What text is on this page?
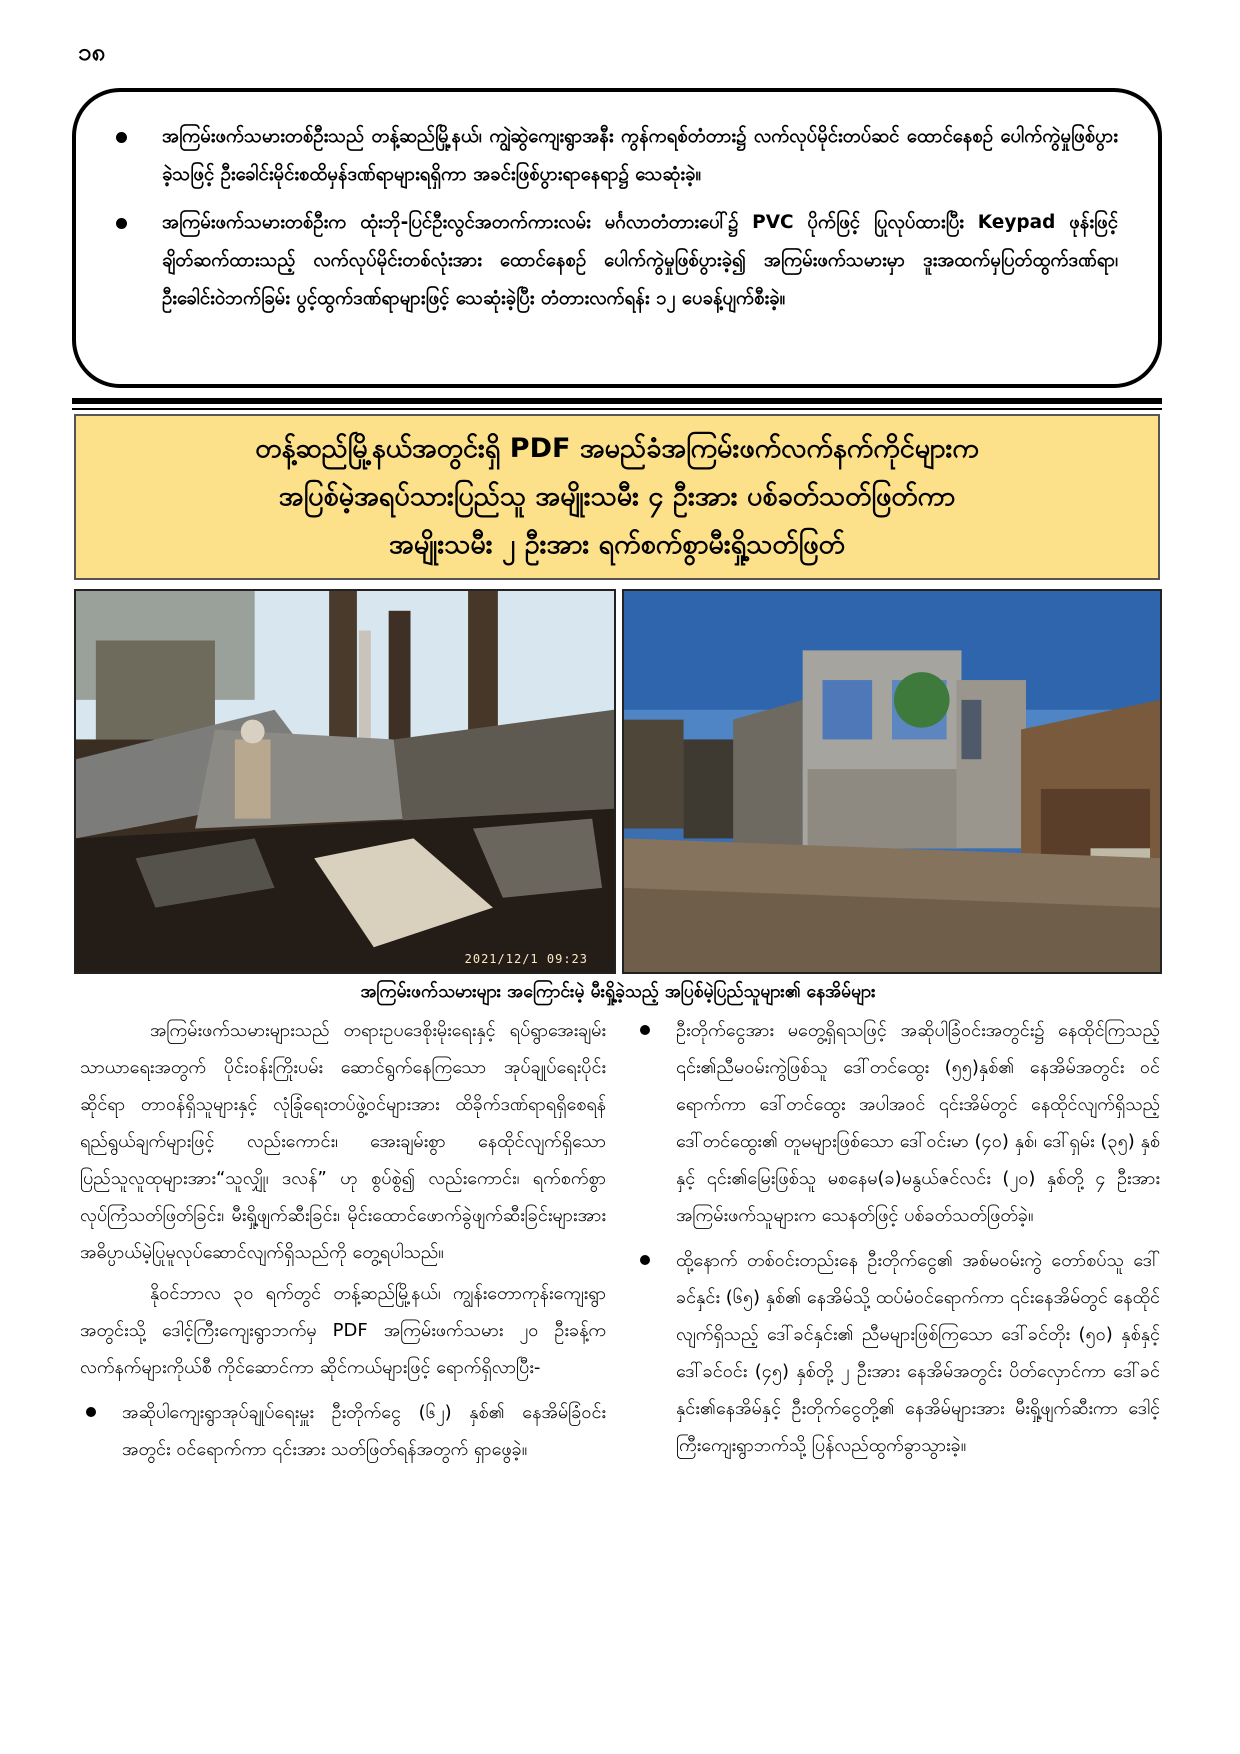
၁၈
အကြမ်းဖက်သမားတစ်ဦးသည် တန့်ဆည်မြို့နယ်၊ ကျွဲဆွဲကျေးရွာအနီး ကွန်ကရစ်တံတား၌ လက်လုပ်မိုင်းတပ်ဆင် ထောင်နေစဉ် ပေါက်ကွဲမှုဖြစ်ပွားခဲ့သဖြင့် ဦးခေါင်းမိုင်းစထိမှန်ဒဏ်ရာများရရှိကာ အခင်းဖြစ်ပွားရာနေရာ၌ သေဆုံးခဲ့။
အကြမ်းဖက်သမားတစ်ဦးက ထုံးဘို-ပြင်ဦးလွင်အတက်ကားလမ်း မင်္ဂလာတံတားပေါ်၌ PVC ပိုက်ဖြင့် ပြုလုပ်ထားပြီး Keypad ဖုန်းဖြင့် ချိတ်ဆက်ထားသည့် လက်လုပ်မိုင်းတစ်လုံးအား ထောင်နေစဉ် ပေါက်ကွဲမှုဖြစ်ပွားခဲ့၍ အကြမ်းဖက်သမားမှာ ဒူးအထက်မှပြတ်ထွက်ဒဏ်ရာ၊ ဦးခေါင်းဝဲဘက်ခြမ်း ပွင့်ထွက်ဒဏ်ရာများဖြင့် သေဆုံးခဲ့ပြီး တံတားလက်ရန်း ၁၂ ပေခန့်ပျက်စီးခဲ့။
တန့်ဆည်မြို့နယ်အတွင်းရှိ PDF အမည်ခံအကြမ်းဖက်လက်နက်ကိုင်များက
အပြစ်မဲ့အရပ်သားပြည်သူ အမျိုးသမီး ၄ ဦးအား ပစ်ခတ်သတ်ဖြတ်ကာ
အမျိုးသမီး ၂ ဦးအား ရက်စက်စွာမီးရှို့သတ်ဖြတ်
2021/12/1 09:23
အကြမ်းဖက်သမားများ အကြောင်းမဲ့ မီးရှို့ခဲ့သည့် အပြစ်မဲ့ပြည်သူများ၏ နေအိမ်များ

အကြမ်းဖက်သမားများသည် တရားဥပဒေစိုးမိုးရေးနှင့် ရပ်ရွာအေးချမ်းသာယာရေးအတွက် ပိုင်းဝန်းကြိုးပမ်း ဆောင်ရွက်နေကြသော အုပ်ချုပ်ရေးပိုင်းဆိုင်ရာ တာဝန်ရှိသူများနှင့် လုံခြုံရေးတပ်ဖွဲ့ဝင်များအား ထိခိုက်ဒဏ်ရာရရှိစေရန် ရည်ရွယ်ချက်များဖြင့် လည်းကောင်း၊ အေးချမ်းစွာ နေထိုင်လျက်ရှိသော ပြည်သူလူထုများအား“သူလျှို၊ ဒလန်” ဟု စွပ်စွဲ၍ လည်းကောင်း၊ ရက်စက်စွာလုပ်ကြံသတ်ဖြတ်ခြင်း၊ မီးရှို့ဖျက်ဆီးခြင်း၊ မိုင်းထောင်ဖောက်ခွဲဖျက်ဆီးခြင်းများအား အဓိပ္ပာယ်မဲ့ပြုမူလုပ်ဆောင်လျက်ရှိသည်ကို တွေ့ရပါသည်။

နိုဝင်ဘာလ ၃၀ ရက်တွင် တန့်ဆည်မြို့နယ်၊ ကျွန်းတောကုန်းကျေးရွာအတွင်းသို့ ဒေါင့်ကြီးကျေးရွာဘက်မှ PDF အကြမ်းဖက်သမား ၂၀ ဦးခန့်က လက်နက်များကိုယ်စီ ကိုင်ဆောင်ကာ ဆိုင်ကယ်များဖြင့် ရောက်ရှိလာပြီး-

အဆိုပါကျေးရွာအုပ်ချုပ်ရေးမှူး ဦးတိုက်ငွေ (၆၂) နှစ်၏ နေအိမ်ခြံဝင်းအတွင်း ဝင်ရောက်ကာ ၎င်းအား သတ်ဖြတ်ရန်အတွက် ရှာဖွေခဲ့။
ဦးတိုက်ငွေအား မတွေ့ရှိရသဖြင့် အဆိုပါခြံဝင်းအတွင်း၌ နေထိုင်ကြသည့် ၎င်း၏ညီမဝမ်းကွဲဖြစ်သူ ဒေါ်တင်ထွေး (၅၅)နှစ်၏ နေအိမ်အတွင်း ဝင်ရောက်ကာ ဒေါ်တင်ထွေး အပါအဝင် ၎င်းအိမ်တွင် နေထိုင်လျက်ရှိသည့် ဒေါ်တင်ထွေး၏ တူမများဖြစ်သော ဒေါ်ဝင်းမာ (၄၀) နှစ်၊ ဒေါ်ရှမ်း (၃၅) နှစ်နှင့် ၎င်း၏မြေးဖြစ်သူ မစနေမ(ခ)မနွယ်ဇင်လင်း (၂၀) နှစ်တို့ ၄ ဦးအား အကြမ်းဖက်သူများက သေနတ်ဖြင့် ပစ်ခတ်သတ်ဖြတ်ခဲ့။
ထို့နောက် တစ်ဝင်းတည်းနေ ဦးတိုက်ငွေ၏ အစ်မဝမ်းကွဲ တော်စပ်သူ ဒေါ်ခင်နှင်း (၆၅) နှစ်၏ နေအိမ်သို့ ထပ်မံဝင်ရောက်ကာ ၎င်းနေအိမ်တွင် နေထိုင်လျက်ရှိသည့် ဒေါ်ခင်နှင်း၏ ညီမများဖြစ်ကြသော ဒေါ်ခင်တိုး (၅၀) နှစ်နှင့် ဒေါ်ခင်ဝင်း (၄၅) နှစ်တို့ ၂ ဦးအား နေအိမ်အတွင်း ပိတ်လှောင်ကာ ဒေါ်ခင်နှင်း၏နေအိမ်နှင့် ဦးတိုက်ငွေတို့၏ နေအိမ်များအား မီးရှို့ဖျက်ဆီးကာ ဒေါင့်ကြီးကျေးရွာဘက်သို့ ပြန်လည်ထွက်ခွာသွားခဲ့။
